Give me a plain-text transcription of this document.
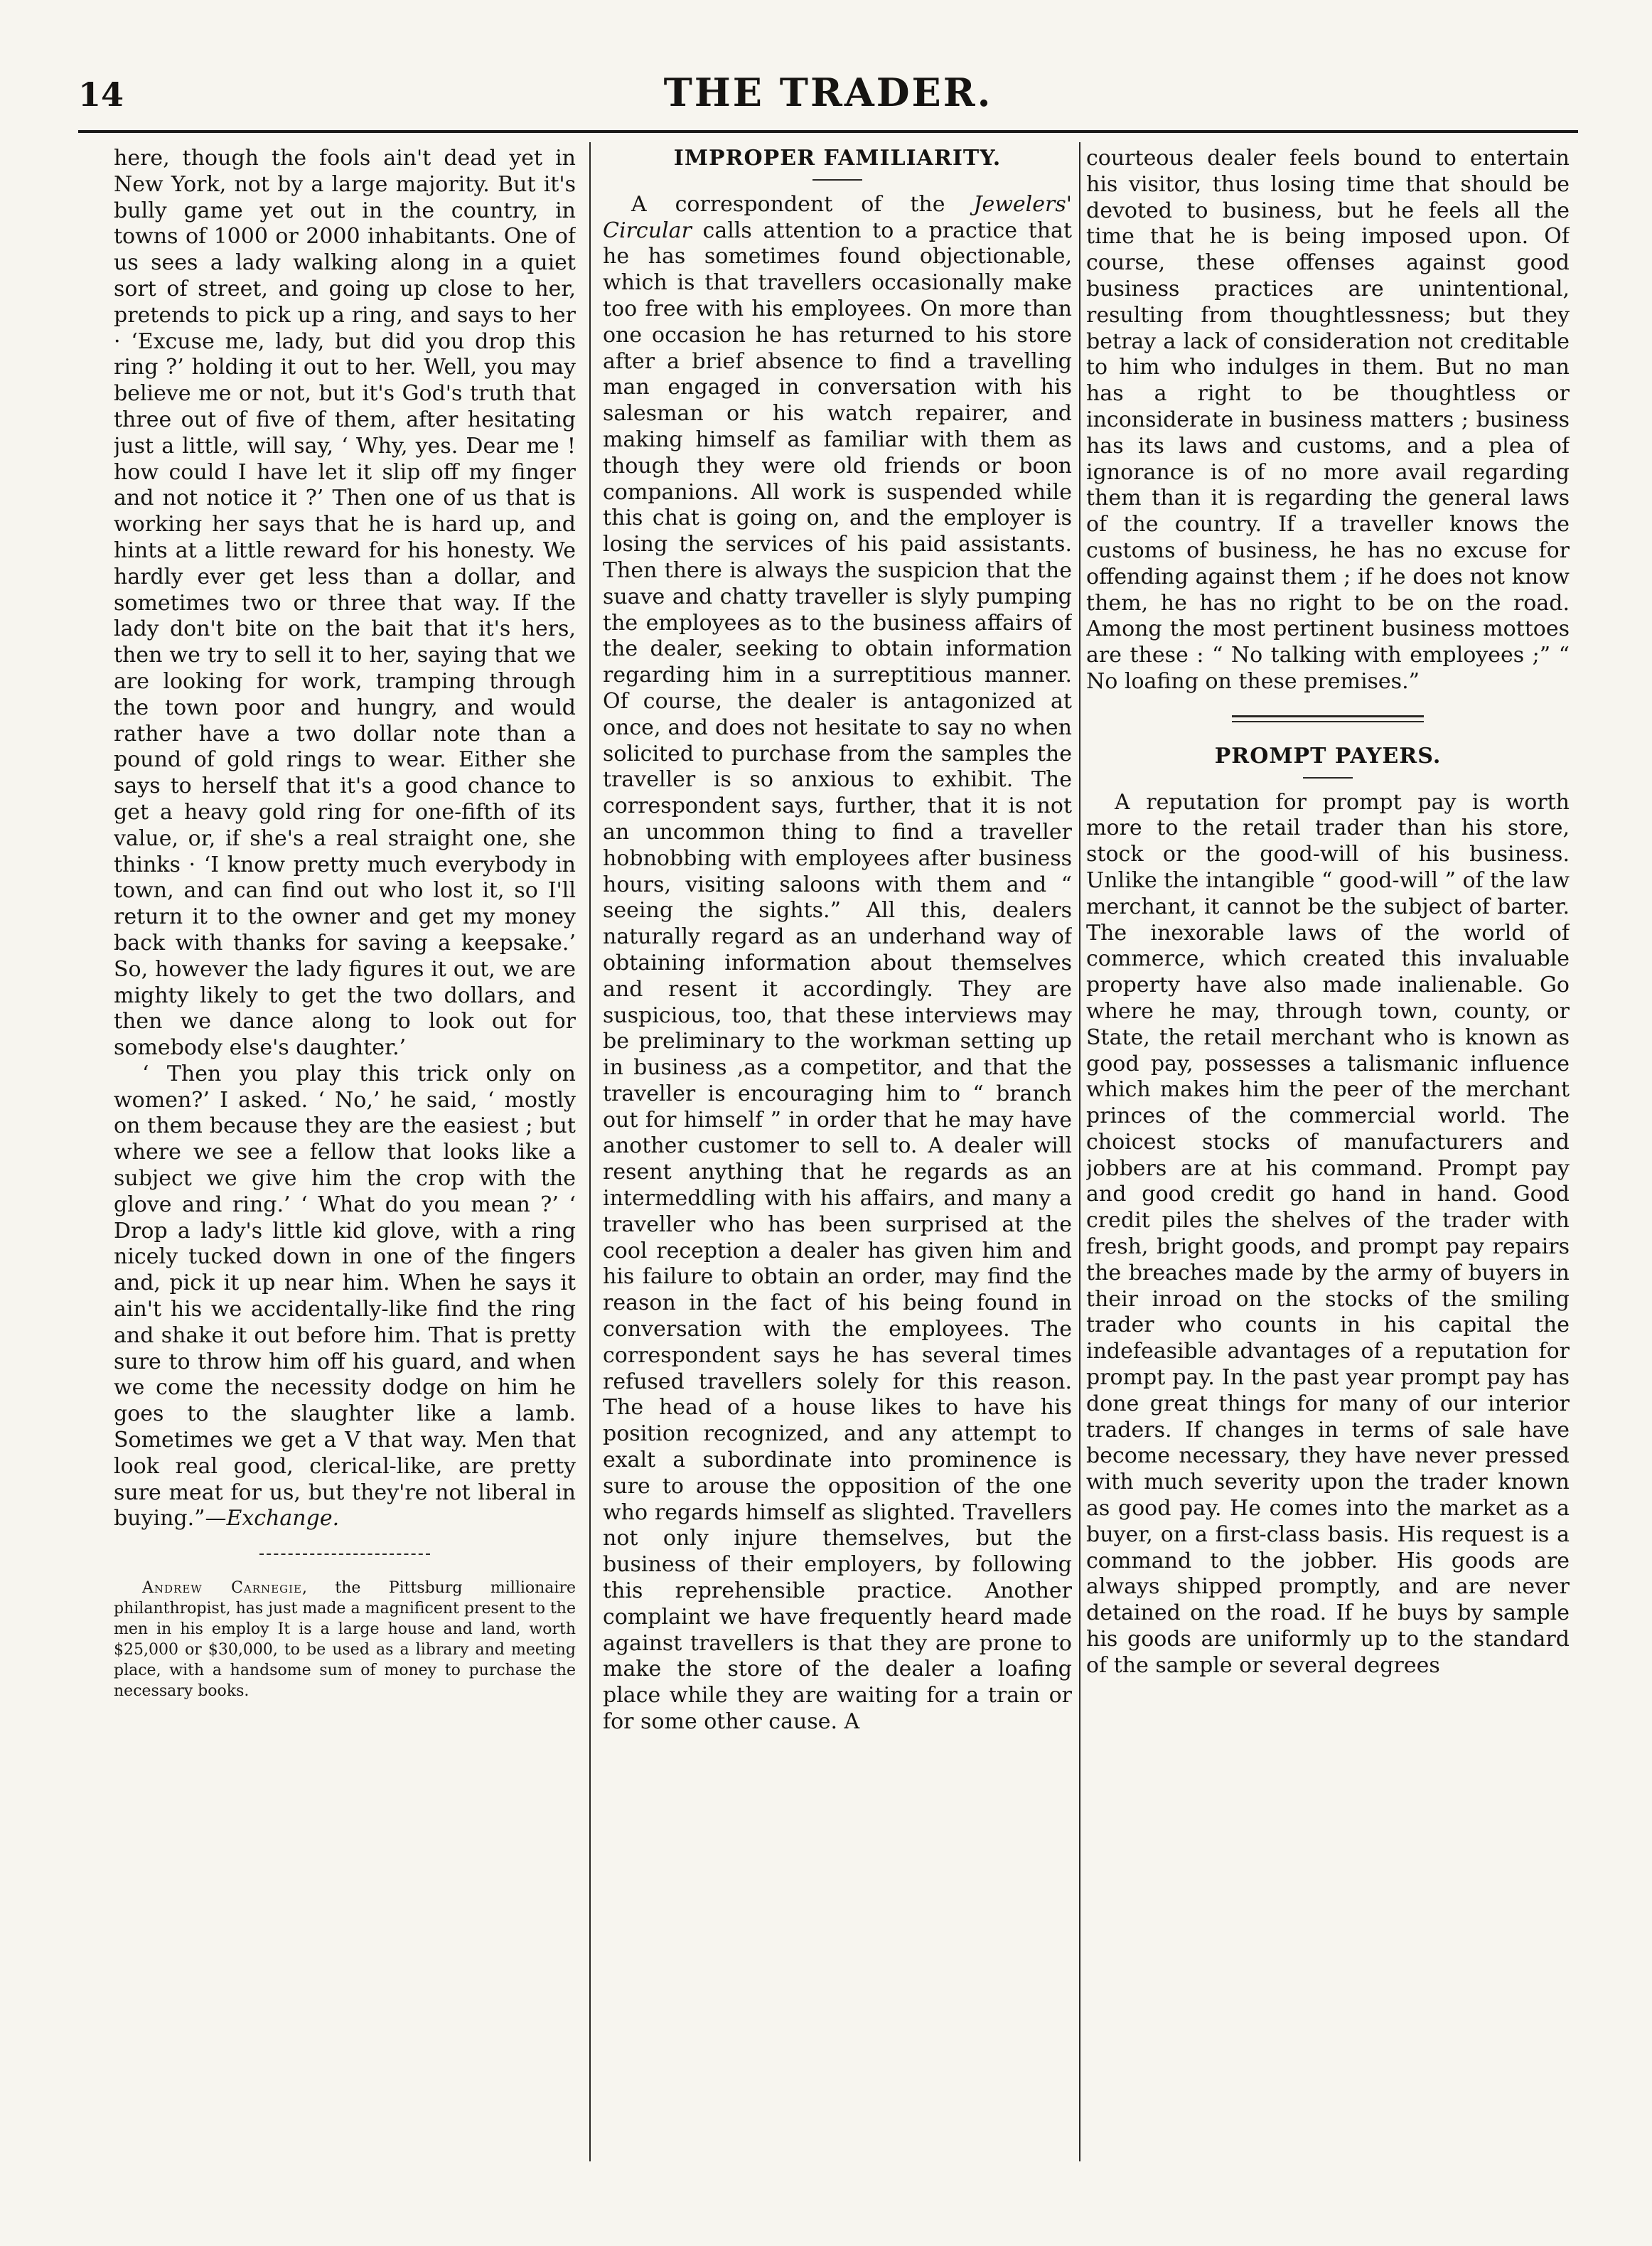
14	THE TRADER.

here, though the fools ain't dead yet in New York, not by a large majority. But it's bully game yet out in the country, in towns of 1000 or 2000 inhabitants. One of us sees a lady walking along in a quiet sort of street, and going up close to her, pretends to pick up a ring, and says to her · ‘Excuse me, lady, but did you drop this ring ?’ holding it out to her. Well, you may believe me or not, but it's God's truth that three out of five of them, after hesitating just a little, will say, ‘ Why, yes. Dear me ! how could I have let it slip off my finger and not notice it ?’ Then one of us that is working her says that he is hard up, and hints at a little reward for his honesty. We hardly ever get less than a dollar, and sometimes two or three that way. If the lady don't bite on the bait that it's hers, then we try to sell it to her, saying that we are looking for work, tramping through the town poor and hungry, and would rather have a two dollar note than a pound of gold rings to wear. Either she says to herself that it's a good chance to get a heavy gold ring for one-fifth of its value, or, if she's a real straight one, she thinks · ‘I know pretty much everybody in town, and can find out who lost it, so I'll return it to the owner and get my money back with thanks for saving a keepsake.’ So, however the lady figures it out, we are mighty likely to get the two dollars, and then we dance along to look out for somebody else's daughter.’

‘ Then you play this trick only on women?’ I asked. ‘ No,’ he said, ‘ mostly on them because they are the easiest ; but where we see a fellow that looks like a subject we give him the crop with the glove and ring.’ ‘ What do you mean ?’ ‘ Drop a lady's little kid glove, with a ring nicely tucked down in one of the fingers and, pick it up near him. When he says it ain't his we accidentally-like find the ring and shake it out before him. That is pretty sure to throw him off his guard, and when we come the necessity dodge on him he goes to the slaughter like a lamb. Sometimes we get a V that way. Men that look real good, clerical-like, are pretty sure meat for us, but they're not liberal in buying.”—Exchange.

Andrew Carnegie, the Pittsburg millionaire philanthropist, has just made a magnificent present to the men in his employ It is a large house and land, worth $25,000 or $30,000, to be used as a library and meeting place, with a handsome sum of money to purchase the necessary books.

IMPROPER FAMILIARITY.

A correspondent of the Jewelers' Circular calls attention to a practice that he has sometimes found objectionable, which is that travellers occasionally make too free with his employees. On more than one occasion he has returned to his store after a brief absence to find a travelling man engaged in conversation with his salesman or his watch repairer, and making himself as familiar with them as though they were old friends or boon companions. All work is suspended while this chat is going on, and the employer is losing the services of his paid assistants. Then there is always the suspicion that the suave and chatty traveller is slyly pumping the employees as to the business affairs of the dealer, seeking to obtain information regarding him in a surreptitious manner. Of course, the dealer is antagonized at once, and does not hesitate to say no when solicited to purchase from the samples the traveller is so anxious to exhibit. The correspondent says, further, that it is not an uncommon thing to find a traveller hobnobbing with employees after business hours, visiting saloons with them and “ seeing the sights.” All this, dealers naturally regard as an underhand way of obtaining information about themselves and resent it accordingly. They are suspicious, too, that these interviews may be preliminary to the workman setting up in business ,as a competitor, and that the traveller is encouraging him to “ branch out for himself ” in order that he may have another customer to sell to. A dealer will resent anything that he regards as an intermeddling with his affairs, and many a traveller who has been surprised at the cool reception a dealer has given him and his failure to obtain an order, may find the reason in the fact of his being found in conversation with the employees. The correspondent says he has several times refused travellers solely for this reason. The head of a house likes to have his position recognized, and any attempt to exalt a subordinate into prominence is sure to arouse the opposition of the one who regards himself as slighted. Travellers not only injure themselves, but the business of their employers, by following this reprehensible practice. Another complaint we have frequently heard made against travellers is that they are prone to make the store of the dealer a loafing place while they are waiting for a train or for some other cause. A

courteous dealer feels bound to entertain his visitor, thus losing time that should be devoted to business, but he feels all the time that he is being imposed upon. Of course, these offenses against good business practices are unintentional, resulting from thoughtlessness; but they betray a lack of consideration not creditable to him who indulges in them. But no man has a right to be thoughtless or inconsiderate in business matters ; business has its laws and customs, and a plea of ignorance is of no more avail regarding them than it is regarding the general laws of the country. If a traveller knows the customs of business, he has no excuse for offending against them ; if he does not know them, he has no right to be on the road. Among the most pertinent business mottoes are these : “ No talking with employees ;” “ No loafing on these premises.”

PROMPT PAYERS.

A reputation for prompt pay is worth more to the retail trader than his store, stock or the good-will of his business. Unlike the intangible “ good-will ” of the law merchant, it cannot be the subject of barter. The inexorable laws of the world of commerce, which created this invaluable property have also made inalienable. Go where he may, through town, county, or State, the retail merchant who is known as good pay, possesses a talismanic influence which makes him the peer of the merchant princes of the commercial world. The choicest stocks of manufacturers and jobbers are at his command. Prompt pay and good credit go hand in hand. Good credit piles the shelves of the trader with fresh, bright goods, and prompt pay repairs the breaches made by the army of buyers in their inroad on the stocks of the smiling trader who counts in his capital the indefeasible advantages of a reputation for prompt pay. In the past year prompt pay has done great things for many of our interior traders. If changes in terms of sale have become necessary, they have never pressed with much severity upon the trader known as good pay. He comes into the market as a buyer, on a first-class basis. His request is a command to the jobber. His goods are always shipped promptly, and are never detained on the road. If he buys by sample his goods are uniformly up to the standard of the sample or several degrees
